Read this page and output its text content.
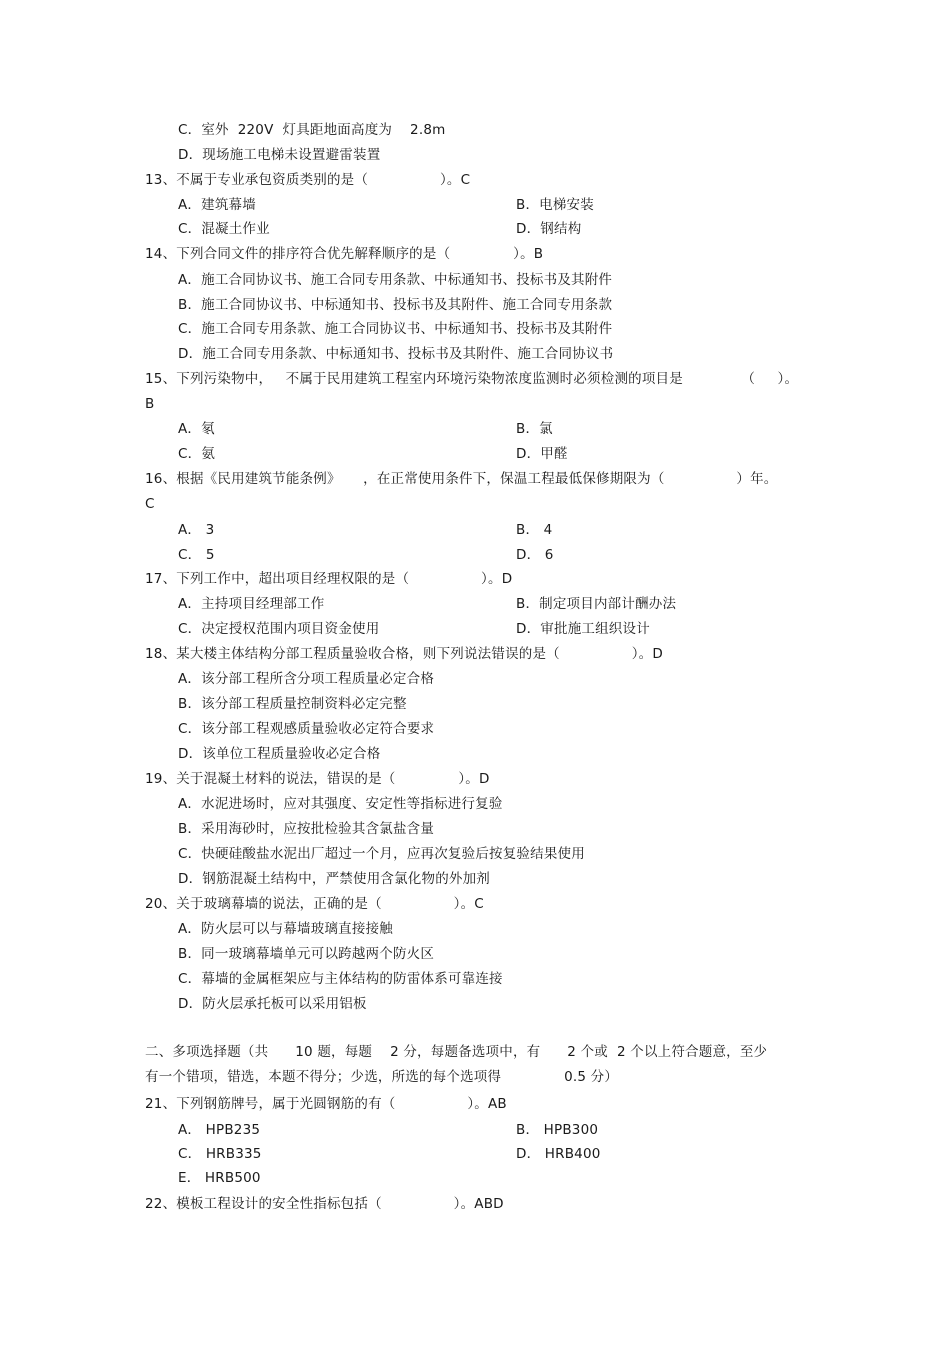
C．室外  220V  灯具距地面高度为    2.8m
D．现场施工电梯未设置避雷装置
13、不属于专业承包资质类别的是（                ）。C
A．建筑幕墙	B．电梯安装
C．混凝土作业	D．钢结构
14、下列合同文件的排序符合优先解释顺序的是（              ）。B
A．施工合同协议书、施工合同专用条款、中标通知书、投标书及其附件
B．施工合同协议书、中标通知书、投标书及其附件、施工合同专用条款
C．施工合同专用条款、施工合同协议书、中标通知书、投标书及其附件
D．施工合同专用条款、中标通知书、投标书及其附件、施工合同协议书
15、下列污染物中，   不属于民用建筑工程室内环境污染物浓度监测时必须检测的项目是             （     ）。
B
A．氡	B．氯
C．氨	D．甲醛
16、根据《民用建筑节能条例》     ，在正常使用条件下，保温工程最低保修期限为（                ）年。
C
A． 3	B． 4
C． 5	D． 6
17、下列工作中，超出项目经理权限的是（                ）。D
A．主持项目经理部工作	B．制定项目内部计酬办法
C．决定授权范围内项目资金使用	D．审批施工组织设计
18、某大楼主体结构分部工程质量验收合格，则下列说法错误的是（                ）。D
A．该分部工程所含分项工程质量必定合格
B．该分部工程质量控制资料必定完整
C．该分部工程观感质量验收必定符合要求
D．该单位工程质量验收必定合格
19、关于混凝土材料的说法，错误的是（              ）。D
A．水泥进场时，应对其强度、安定性等指标进行复验
B．采用海砂时，应按批检验其含氯盐含量
C．快硬硅酸盐水泥出厂超过一个月，应再次复验后按复验结果使用
D．钢筋混凝土结构中，严禁使用含氯化物的外加剂
20、关于玻璃幕墙的说法，正确的是（                ）。C
A．防火层可以与幕墙玻璃直接接触
B．同一玻璃幕墙单元可以跨越两个防火区
C．幕墙的金属框架应与主体结构的防雷体系可靠连接
D．防火层承托板可以采用铝板
二、多项选择题（共      10 题，每题    2 分，每题备选项中，有      2 个或  2 个以上符合题意，至少
有一个错项，错选，本题不得分；少选，所选的每个选项得              0.5 分）
21、下列钢筋牌号，属于光圆钢筋的有（                ）。AB
A． HPB235	B． HPB300
C． HRB335	D． HRB400
E． HRB500
22、模板工程设计的安全性指标包括（                ）。ABD
